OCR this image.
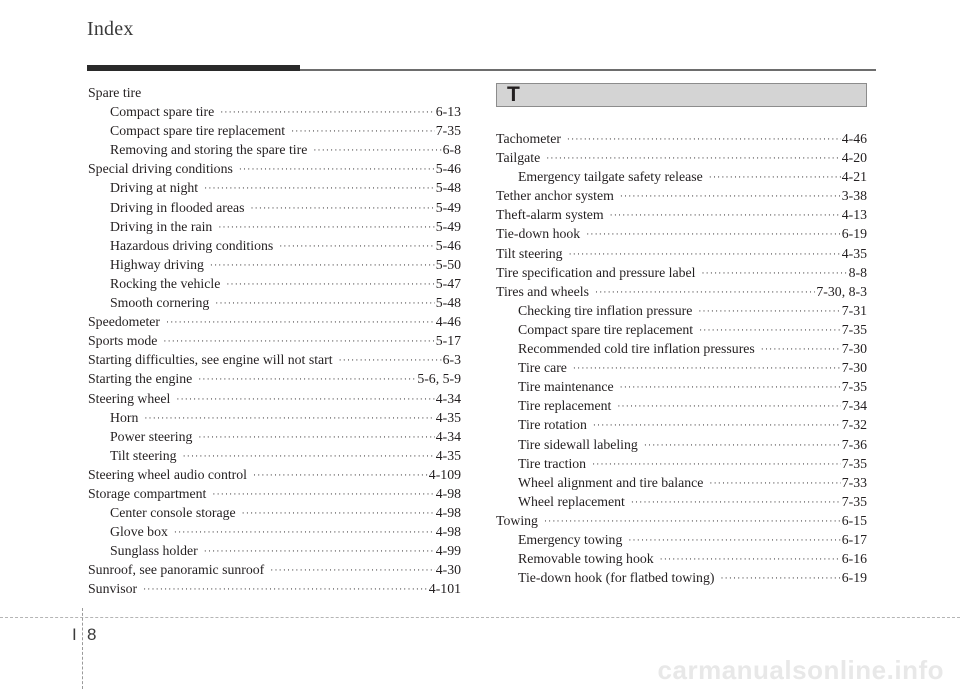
Index
Spare tire
Compact spare tire ·····	6-13
Compact spare tire replacement ·····	7-35
Removing and storing the spare tire ·····	6-8
Special driving conditions ·····	5-46
Driving at night ·····	5-48
Driving in flooded areas ·····	5-49
Driving in the rain ·····	5-49
Hazardous driving conditions ·····	5-46
Highway driving ·····	5-50
Rocking the vehicle ·····	5-47
Smooth cornering ·····	5-48
Speedometer ·····	4-46
Sports mode ·····	5-17
Starting difficulties, see engine will not start ·····	6-3
Starting the engine ·····	5-6, 5-9
Steering wheel ·····	4-34
Horn ·····	4-35
Power steering ·····	4-34
Tilt steering ·····	4-35
Steering wheel audio control ·····	4-109
Storage compartment ·····	4-98
Center console storage ·····	4-98
Glove box ·····	4-98
Sunglass holder ·····	4-99
Sunroof, see panoramic sunroof ·····	4-30
Sunvisor ·····	4-101
T
Tachometer ·····	4-46
Tailgate ·····	4-20
Emergency tailgate safety release ·····	4-21
Tether anchor system ·····	3-38
Theft-alarm system ·····	4-13
Tie-down hook ·····	6-19
Tilt steering ·····	4-35
Tire specification and pressure label ·····	8-8
Tires and wheels ·····	7-30, 8-3
Checking tire inflation pressure ·····	7-31
Compact spare tire replacement ·····	7-35
Recommended cold tire inflation pressures ·····	7-30
Tire care ·····	7-30
Tire maintenance ·····	7-35
Tire replacement ·····	7-34
Tire rotation ·····	7-32
Tire sidewall labeling ·····	7-36
Tire traction ·····	7-35
Wheel alignment and tire balance ·····	7-33
Wheel replacement ·····	7-35
Towing ·····	6-15
Emergency towing ·····	6-17
Removable towing hook ·····	6-16
Tie-down hook (for flatbed towing) ·····	6-19
I 8
carmanualsonline.info
